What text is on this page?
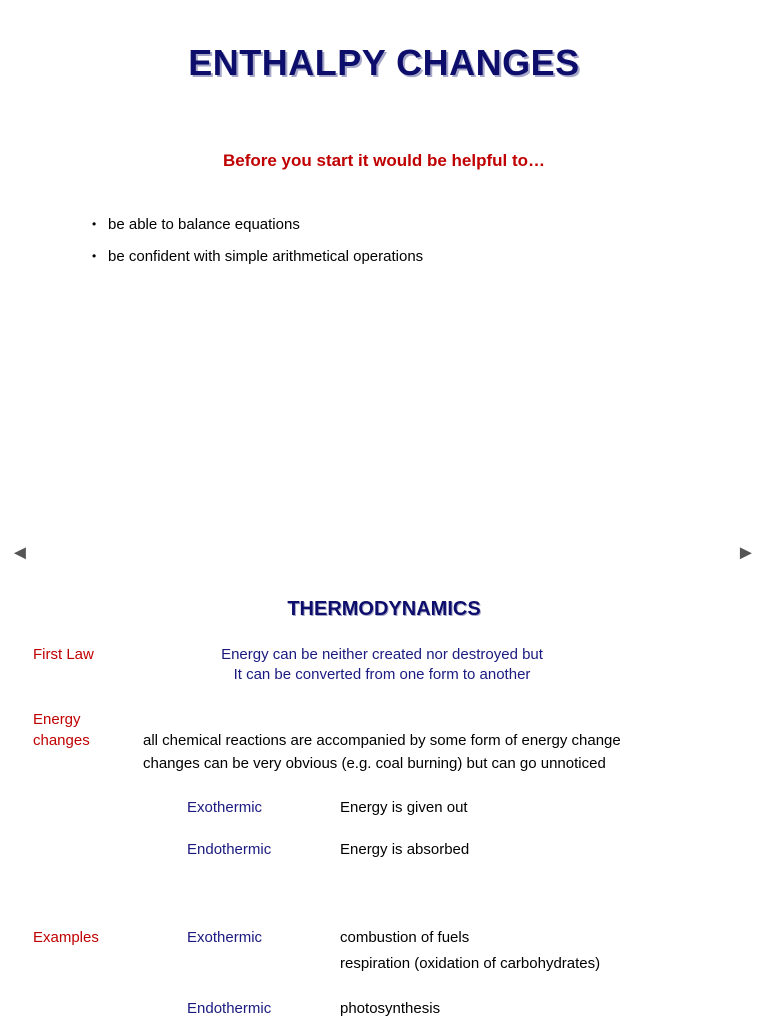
ENTHALPY CHANGES
Before you start it would be helpful to…
• be able to balance equations
• be confident with simple arithmetical operations
◄	►
THERMODYNAMICS
First Law	Energy can be neither created nor destroyed but
It can be converted from one form to another
Energy
changes	all chemical reactions are accompanied by some form of energy change
changes can be very obvious (e.g. coal burning) but can go unnoticed
Exothermic	Energy is given out
Endothermic	Energy is absorbed
Examples	Exothermic	combustion of fuels
respiration (oxidation of carbohydrates)
Endothermic	photosynthesis
